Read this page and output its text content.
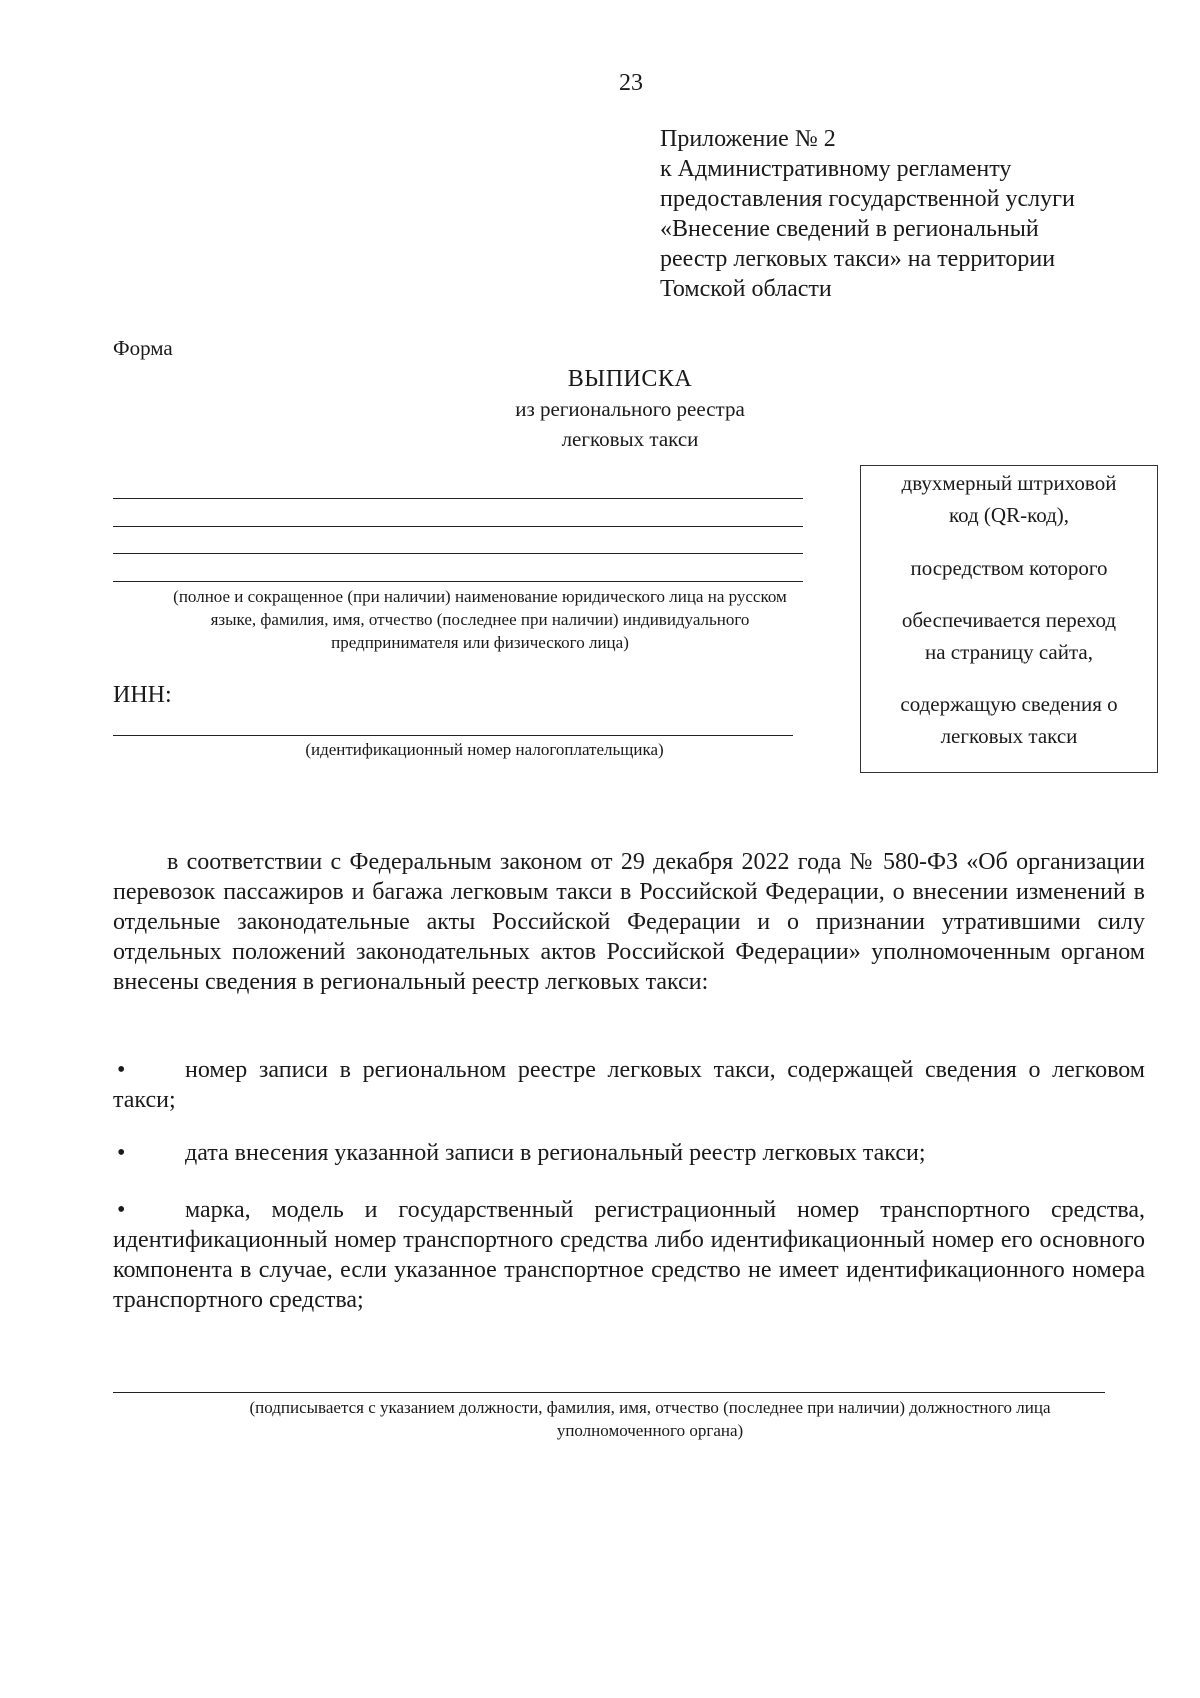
23
Приложение № 2
к Административному регламенту
предоставления государственной услуги
«Внесение сведений в региональный
реестр легковых такси» на территории
Томской области
Форма
ВЫПИСКА
из регионального реестра
легковых такси
(полное и сокращенное (при наличии) наименование юридического лица на русском
языке, фамилия, имя, отчество (последнее при наличии) индивидуального
предпринимателя или физического лица)
двухмерный штриховой
код (QR-код),
посредством которого
обеспечивается переход
на страницу сайта,
содержащую сведения о
легковых такси
ИНН:
(идентификационный номер налогоплательщика)
в соответствии с Федеральным законом от 29 декабря 2022 года № 580-ФЗ «Об организации перевозок пассажиров и багажа легковым такси в Российской Федерации, о внесении изменений в отдельные законодательные акты Российской Федерации и о признании утратившими силу отдельных положений законодательных актов Российской Федерации» уполномоченным органом внесены сведения в региональный реестр легковых такси:
•	номер записи в региональном реестре легковых такси, содержащей сведения о легковом такси;
•	дата внесения указанной записи в региональный реестр легковых такси;
•	марка, модель и государственный регистрационный номер транспортного средства, идентификационный номер транспортного средства либо идентификационный номер его основного компонента в случае, если указанное транспортное средство не имеет идентификационного номера транспортного средства;
(подписывается с указанием должности, фамилия, имя, отчество (последнее при наличии) должностного лица
уполномоченного органа)
